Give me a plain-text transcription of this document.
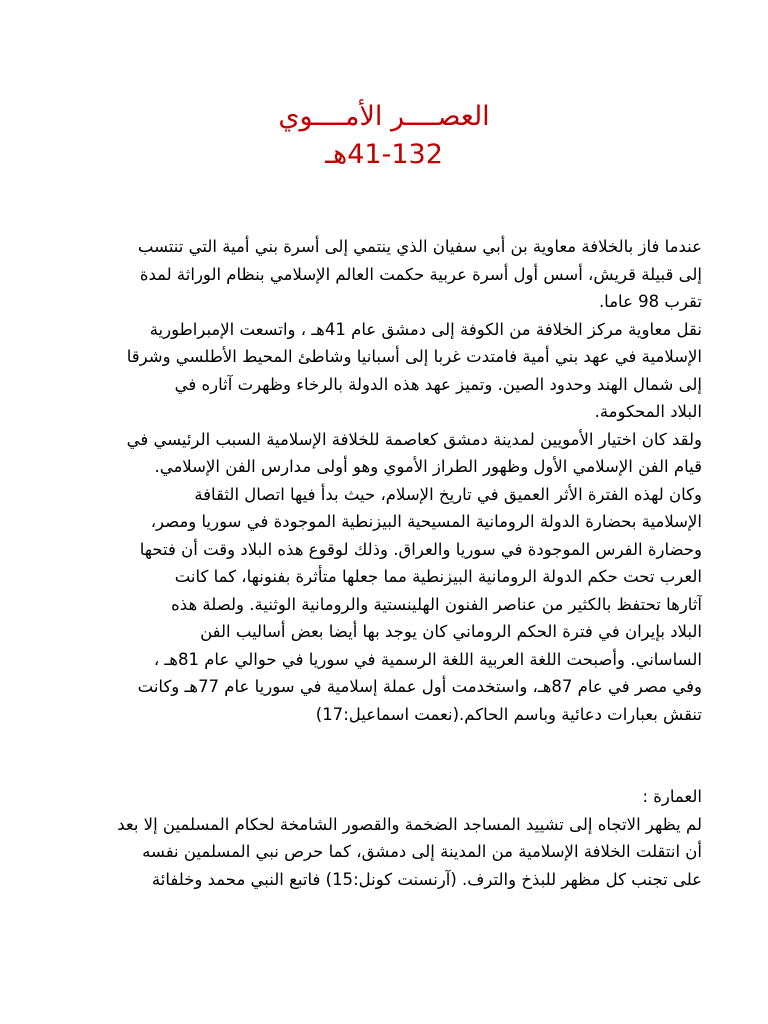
العصــــر الأمــــوي
41-132هـ
عندما فاز بالخلافة معاوية بن أبي سفيان الذي ينتمي إلى أسرة بني أمية التي تنتسب
إلى قبيلة قريش، أسس أول أسرة عربية حكمت العالم الإسلامي بنظام الوراثة لمدة
تقرب 98 عاما.
نقل معاوية مركز الخلافة من الكوفة إلى دمشق عام 41هـ ، واتسعت الإمبراطورية
الإسلامية في عهد بني أمية فامتدت غربا إلى أسبانيا وشاطئ المحيط الأطلسي وشرقا
إلى شمال الهند وحدود الصين. وتميز عهد هذه الدولة بالرخاء وظهرت آثاره في
البلاد المحكومة.
ولقد كان اختيار الأمويين لمدينة دمشق كعاصمة للخلافة الإسلامية السبب الرئيسي في
قيام الفن الإسلامي الأول وظهور الطراز الأموي وهو أولى مدارس الفن الإسلامي.
وكان لهذه الفترة الأثر العميق في تاريخ الإسلام، حيث بدأ فيها اتصال الثقافة
الإسلامية بحضارة الدولة الرومانية المسيحية البيزنطية الموجودة في سوريا ومصر،
وحضارة الفرس الموجودة في سوريا والعراق. وذلك لوقوع هذه البلاد وقت أن فتحها
العرب تحت حكم الدولة الرومانية البيزنطية مما جعلها متأثرة بفنونها، كما كانت
آثارها تحتفظ بالكثير من عناصر الفنون الهلينستية والرومانية الوثنية. ولصلة هذه
البلاد بإيران في فترة الحكم الروماني كان يوجد بها أيضا بعض أساليب الفن
الساساني. وأصبحت اللغة العربية اللغة الرسمية في سوريا في حوالي عام 81هـ ،
وفي مصر في عام 87هـ، واستخدمت أول عملة إسلامية في سوريا عام 77هـ وكانت
تنقش بعبارات دعائية وباسم الحاكم.(نعمت اسماعيل:17)
العمارة :
لم يظهر الاتجاه إلى تشييد المساجد الضخمة والقصور الشامخة لحكام المسلمين إلا بعد
أن انتقلت الخلافة الإسلامية من المدينة إلى دمشق، كما حرص نبي المسلمين نفسه
على تجنب كل مظهر للبذخ والترف. (آرنسنت كونل:15) فاتبع النبي محمد وخلفائة
